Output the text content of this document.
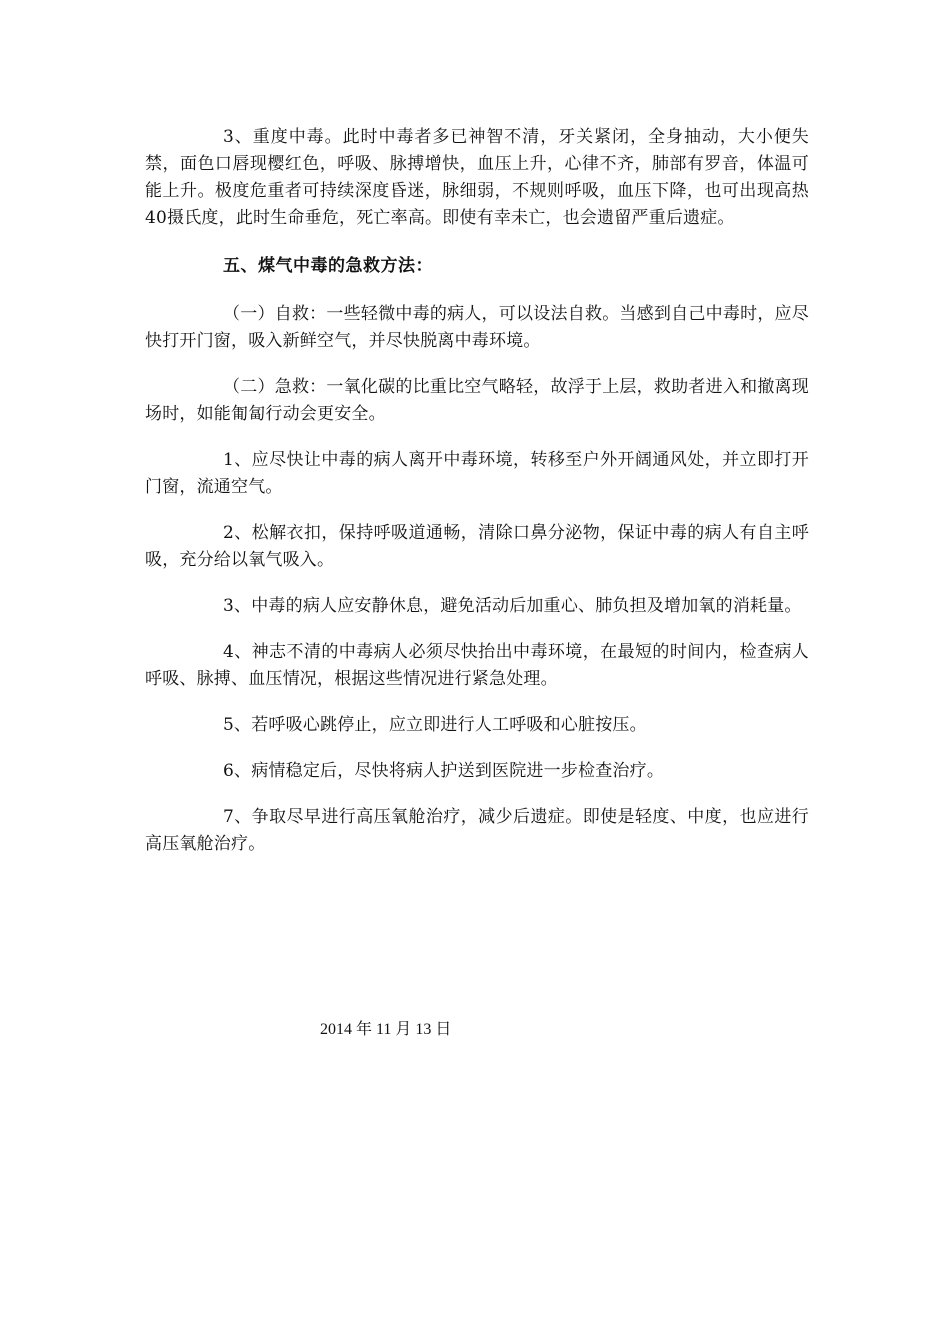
3、重度中毒。此时中毒者多已神智不清，牙关紧闭，全身抽动，大小便失禁，面色口唇现樱红色，呼吸、脉搏增快，血压上升，心律不齐，肺部有罗音，体温可能上升。极度危重者可持续深度昏迷，脉细弱，不规则呼吸，血压下降，也可出现高热40摄氏度，此时生命垂危，死亡率高。即使有幸未亡，也会遗留严重后遗症。

五、煤气中毒的急救方法：

（一）自救：一些轻微中毒的病人，可以设法自救。当感到自己中毒时，应尽快打开门窗，吸入新鲜空气，并尽快脱离中毒环境。

（二）急救：一氧化碳的比重比空气略轻，故浮于上层，救助者进入和撤离现场时，如能匍匐行动会更安全。

1、应尽快让中毒的病人离开中毒环境，转移至户外开阔通风处，并立即打开门窗，流通空气。

2、松解衣扣，保持呼吸道通畅，清除口鼻分泌物，保证中毒的病人有自主呼吸，充分给以氧气吸入。

3、中毒的病人应安静休息，避免活动后加重心、肺负担及增加氧的消耗量。

4、神志不清的中毒病人必须尽快抬出中毒环境，在最短的时间内，检查病人呼吸、脉搏、血压情况，根据这些情况进行紧急处理。

5、若呼吸心跳停止，应立即进行人工呼吸和心脏按压。

6、病情稳定后，尽快将病人护送到医院进一步检查治疗。

7、争取尽早进行高压氧舱治疗，减少后遗症。即使是轻度、中度，也应进行高压氧舱治疗。

2014 年 11 月 13 日
